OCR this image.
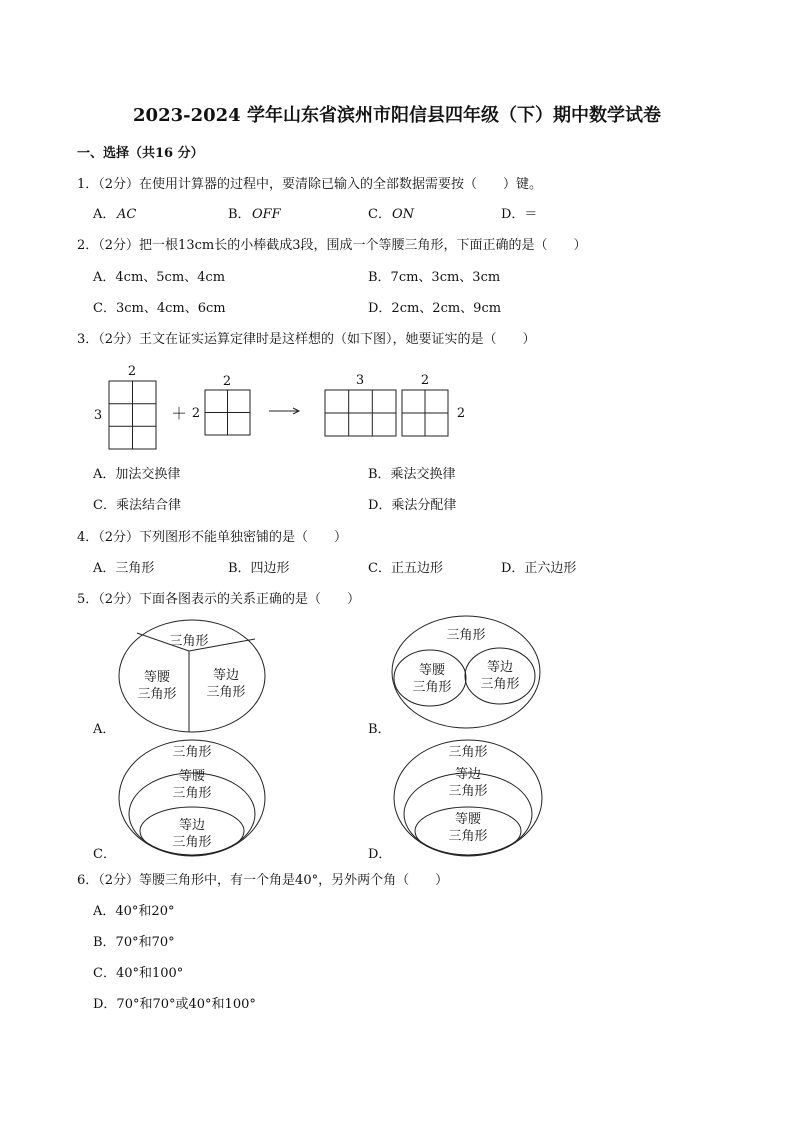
2023-2024 学年山东省滨州市阳信县四年级（下）期中数学试卷
一、选择（共16 分）
1．（2分）在使用计算器的过程中，要清除已输入的全部数据需要按（　　）键。
A． AC	B． OFF	C． ON	D．＝
2．（2分）把一根13cm长的小棒截成3段，围成一个等腰三角形，下面正确的是（　　）
A．4cm、5cm、4cm	B．7cm、3cm、3cm
C．3cm、4cm、6cm	D．2cm、2cm、9cm
3．（2分）王文在证实运算定律时是这样想的（如下图），她要证实的是（　　）
2
3	＋ 2
2	3	2
2
A．加法交换律	B．乘法交换律
C．乘法结合律	D．乘法分配律
4．（2分）下列图形不能单独密铺的是（　　）
A．三角形	B．四边形	C．正五边形	D．正六边形
5．（2分）下面各图表示的关系正确的是（　　）
三角形
等腰
三角形
等边
三角形
A．
三角形
等腰
三角形
等边
三角形
B．
三角形
等腰
三角形
等边
三角形
C．
三角形
等边
三角形
等腰
三角形
D．
6．（2分）等腰三角形中，有一个角是40°，另外两个角（　　）
A．40°和20°
B．70°和70°
C．40°和100°
D．70°和70°或40°和100°
